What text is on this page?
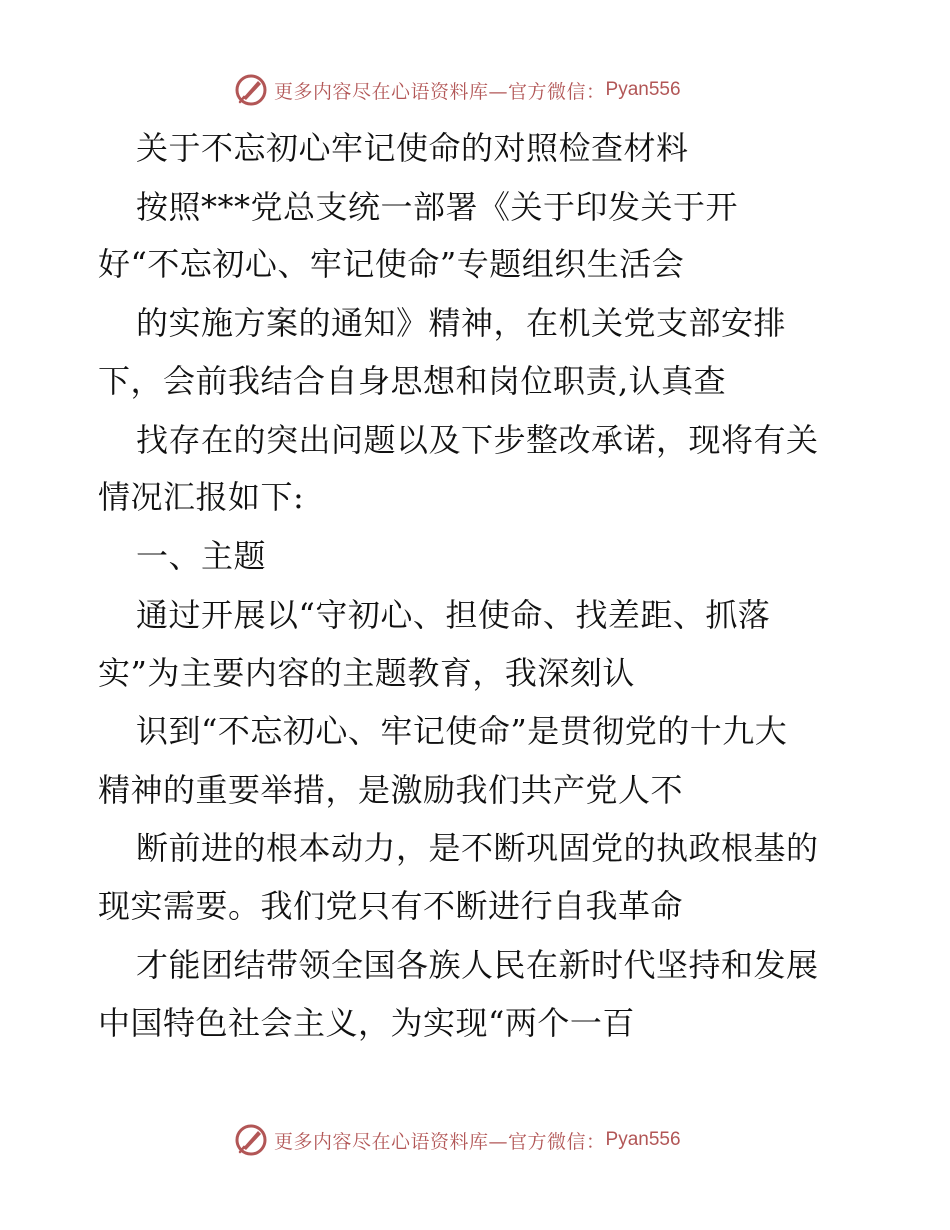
更多内容尽在心语资料库—官方微信： Pyan556
关于不忘初心牢记使命的对照检查材料
按照***党总支统一部署《关于印发关于开
好“不忘初心、牢记使命”专题组织生活会
的实施方案的通知》精神，在机关党支部安排
下，会前我结合自身思想和岗位职责,认真查
找存在的突出问题以及下步整改承诺，现将有关
情况汇报如下:
一、主题
通过开展以“守初心、担使命、找差距、抓落
实”为主要内容的主题教育，我深刻认
识到“不忘初心、牢记使命”是贯彻党的十九大
精神的重要举措，是激励我们共产党人不
断前进的根本动力，是不断巩固党的执政根基的
现实需要。我们党只有不断进行自我革命
才能团结带领全国各族人民在新时代坚持和发展
中国特色社会主义，为实现“两个一百
更多内容尽在心语资料库—官方微信： Pyan556
